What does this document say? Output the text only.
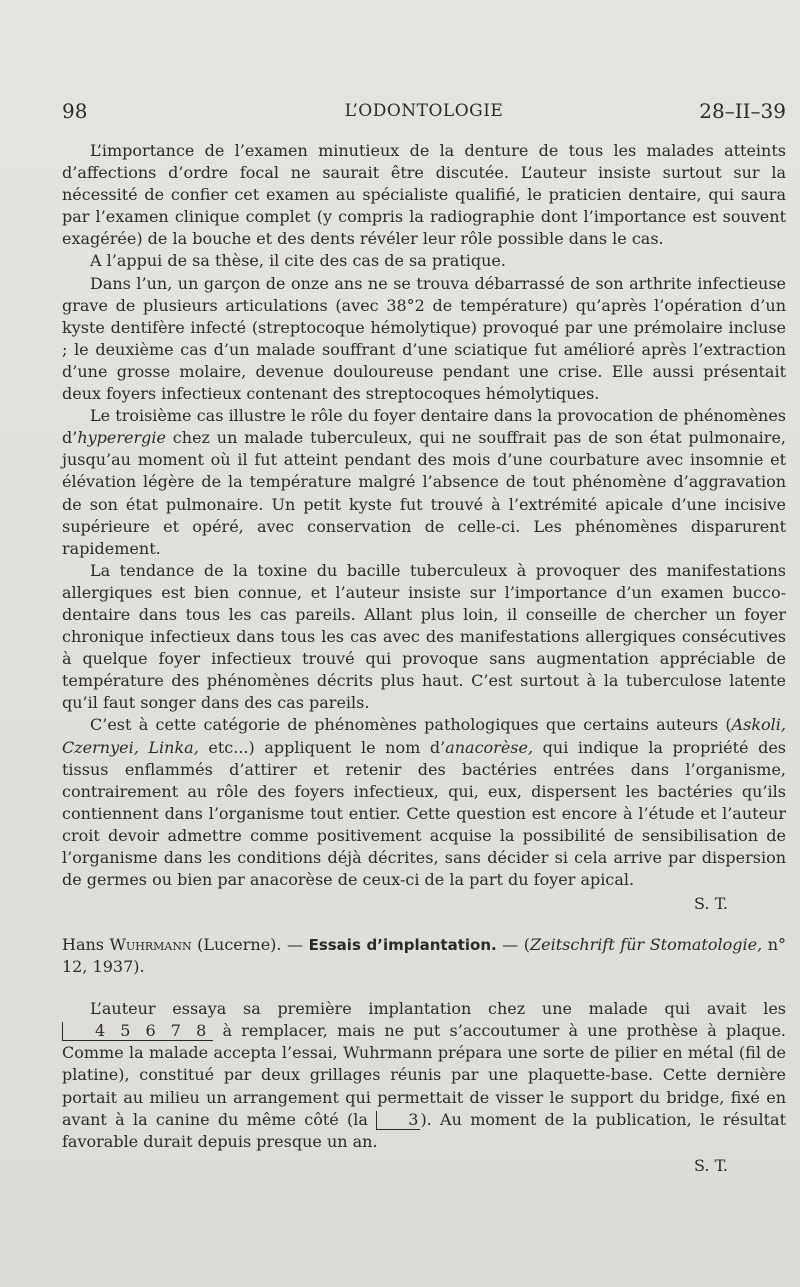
98	L’ODONTOLOGIE	28–II–39

L’importance de l’examen minutieux de la denture de tous les malades atteints d’affections d’ordre focal ne saurait être discutée. L’auteur insiste surtout sur la nécessité de confier cet examen au spécialiste qualifié, le praticien dentaire, qui saura par l’examen clinique complet (y compris la radiographie dont l’importance est souvent exagérée) de la bouche et des dents révéler leur rôle possible dans le cas.

A l’appui de sa thèse, il cite des cas de sa pratique.

Dans l’un, un garçon de onze ans ne se trouva débarrassé de son arthrite infectieuse grave de plusieurs articulations (avec 38°2 de température) qu’après l’opération d’un kyste dentifère infecté (streptocoque hémolytique) provoqué par une prémolaire incluse ; le deuxième cas d’un malade souffrant d’une sciatique fut amélioré après l’extraction d’une grosse molaire, devenue douloureuse pendant une crise. Elle aussi présentait deux foyers infectieux contenant des streptocoques hémolytiques.

Le troisième cas illustre le rôle du foyer dentaire dans la provocation de phénomènes d’hyperergie chez un malade tuberculeux, qui ne souffrait pas de son état pulmonaire, jusqu’au moment où il fut atteint pendant des mois d’une courbature avec insomnie et élévation légère de la température malgré l’absence de tout phénomène d’aggravation de son état pulmonaire. Un petit kyste fut trouvé à l’extrémité apicale d’une incisive supérieure et opéré, avec conservation de celle-ci. Les phénomènes disparurent rapidement.

La tendance de la toxine du bacille tuberculeux à provoquer des manifestations allergiques est bien connue, et l’auteur insiste sur l’importance d’un examen bucco-dentaire dans tous les cas pareils. Allant plus loin, il conseille de chercher un foyer chronique infectieux dans tous les cas avec des manifestations allergiques consécutives à quelque foyer infectieux trouvé qui provoque sans augmentation appréciable de température des phénomènes décrits plus haut. C’est surtout à la tuberculose latente qu’il faut songer dans des cas pareils.

C’est à cette catégorie de phénomènes pathologiques que certains auteurs (Askoli, Czernyei, Linka, etc...) appliquent le nom d’anacorèse, qui indique la propriété des tissus enflammés d’attirer et retenir des bactéries entrées dans l’organisme, contrairement au rôle des foyers infectieux, qui, eux, dispersent les bactéries qu’ils contiennent dans l’organisme tout entier. Cette question est encore à l’étude et l’auteur croit devoir admettre comme positivement acquise la possibilité de sensibilisation de l’organisme dans les conditions déjà décrites, sans décider si cela arrive par dispersion de germes ou bien par anacorèse de ceux-ci de la part du foyer apical.

S. T.

Hans Wuhrmann (Lucerne). — Essais d’implantation. — (Zeitschrift für Stomatologie, n° 12, 1937).

L’auteur essaya sa première implantation chez une malade qui avait les 4 5 6 7 8 à remplacer, mais ne put s’accoutumer à une prothèse à plaque. Comme la malade accepta l’essai, Wuhrmann prépara une sorte de pilier en métal (fil de platine), constitué par deux grillages réunis par une plaquette-base. Cette dernière portait au milieu un arrangement qui permettait de visser le support du bridge, fixé en avant à la canine du même côté (la 3 ). Au moment de la publication, le résultat favorable durait depuis presque un an.

S. T.
